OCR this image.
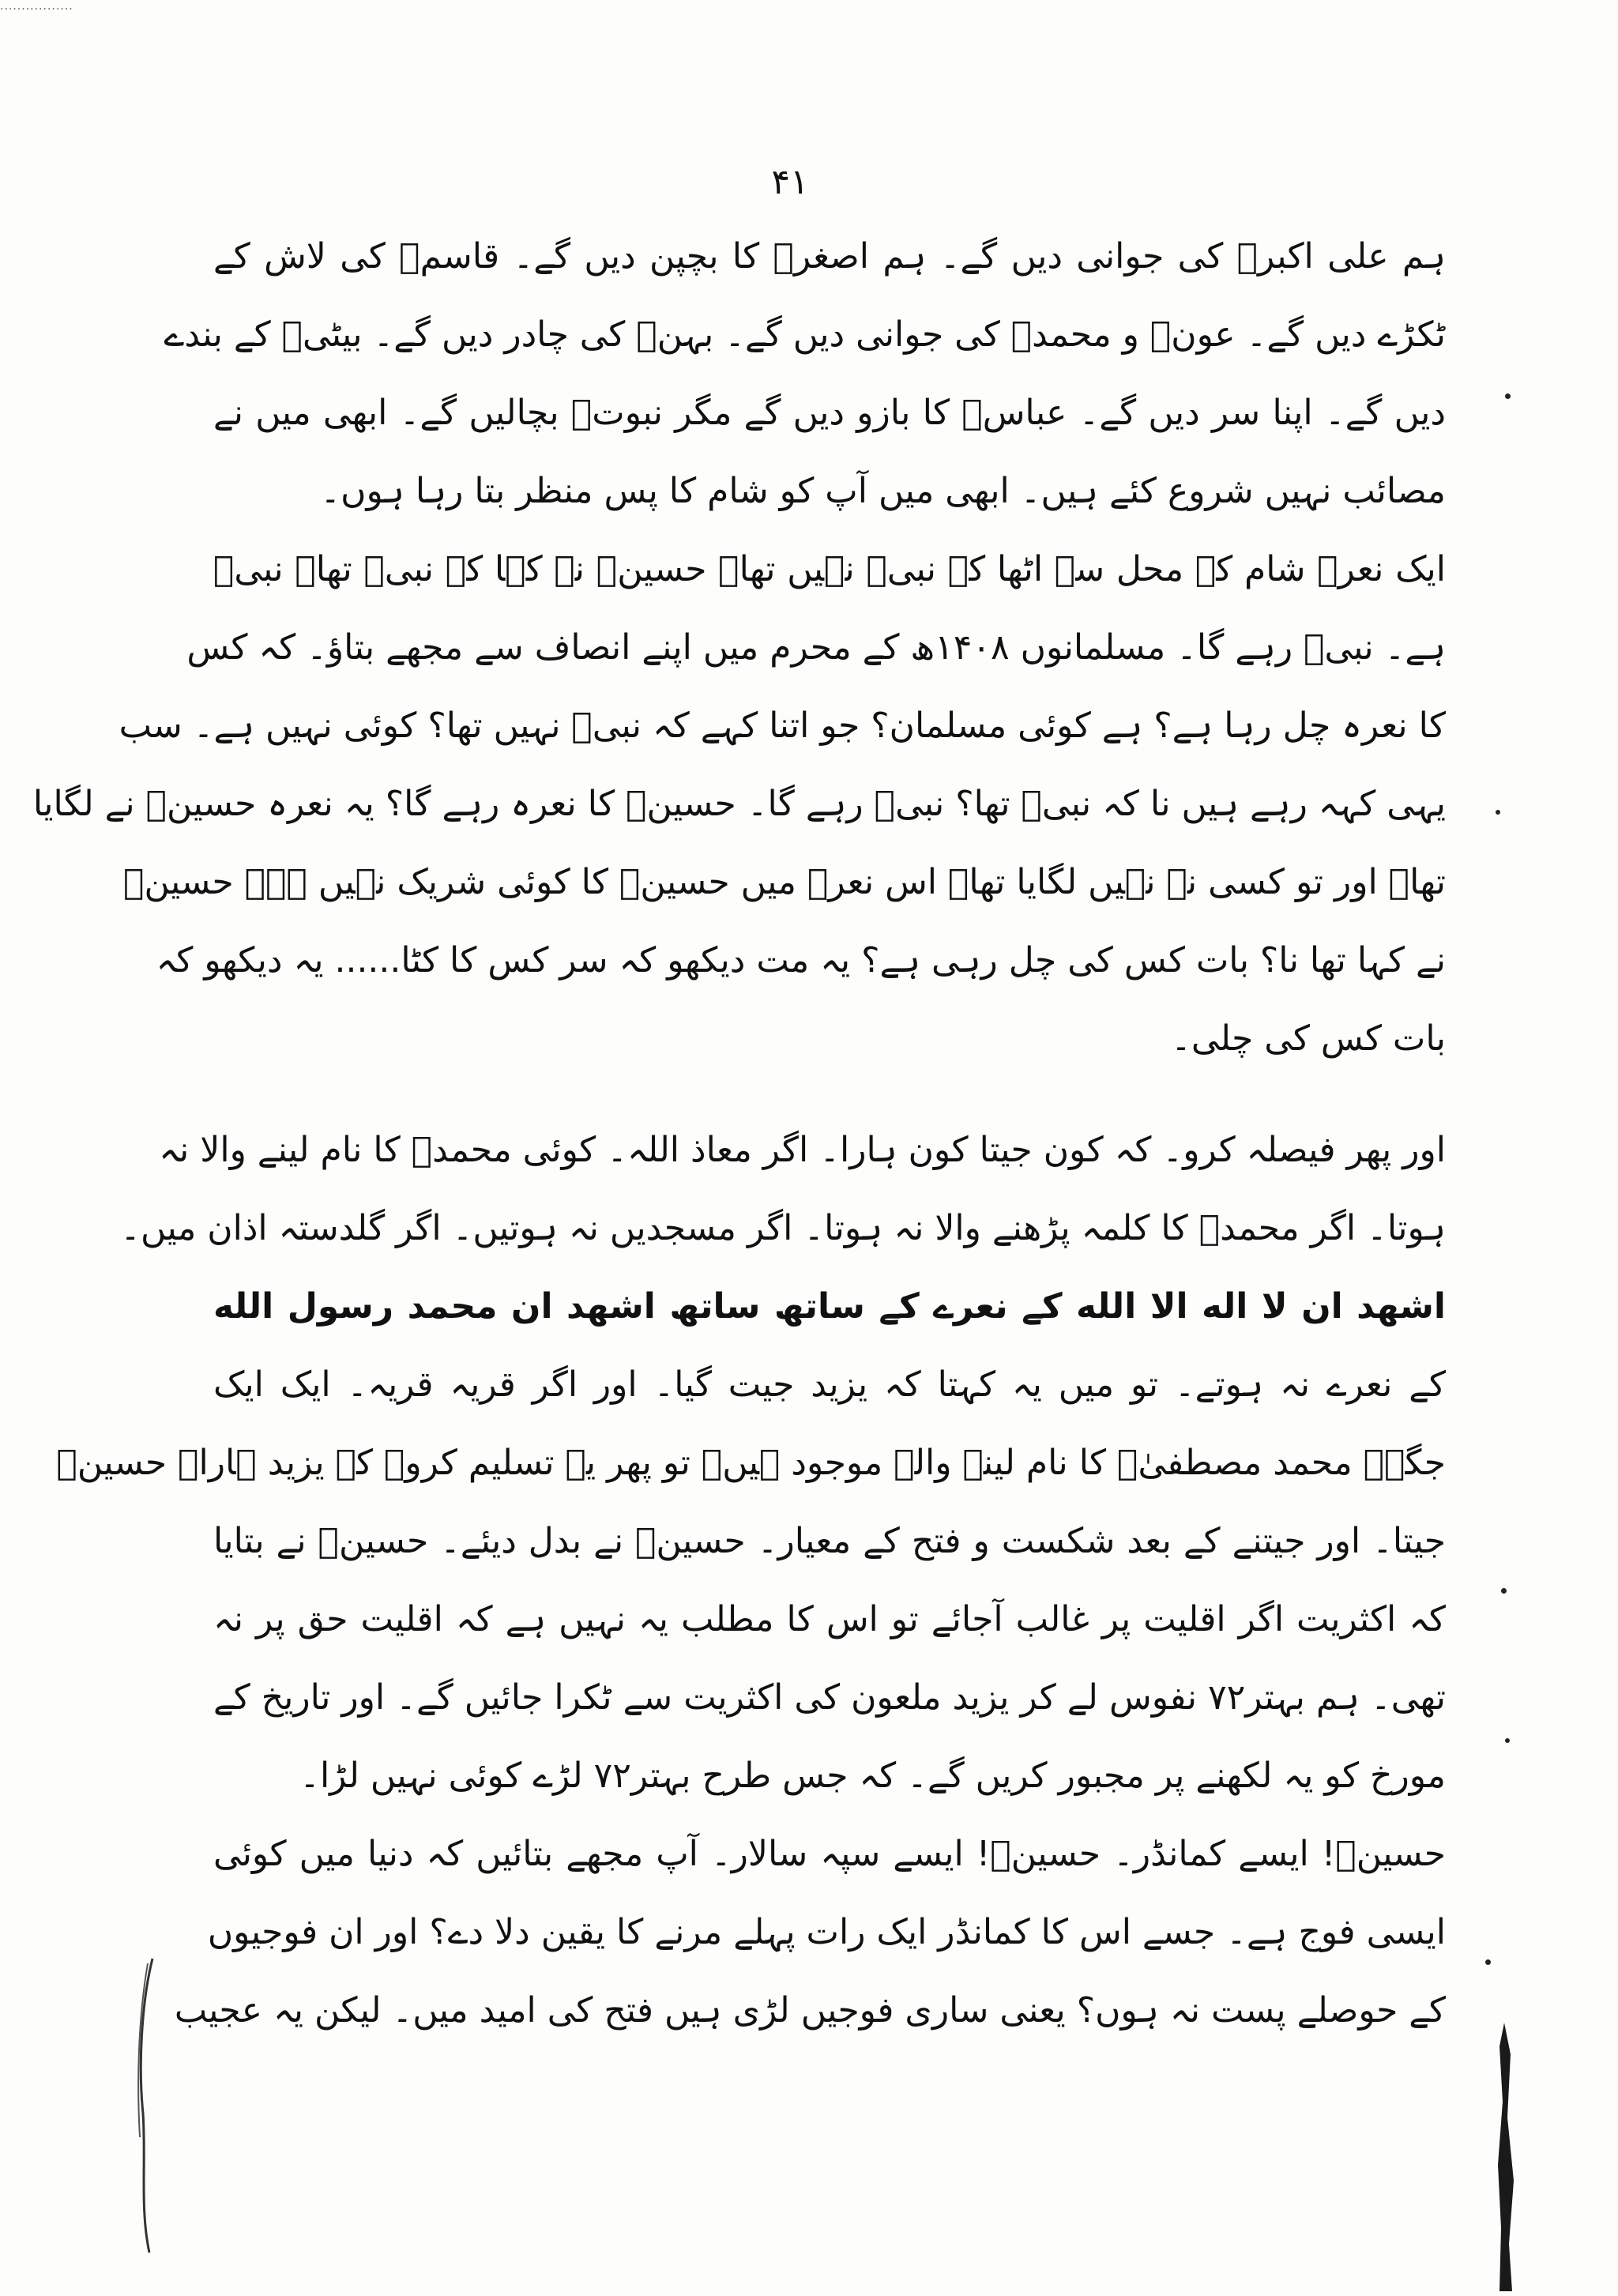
.................
۴۱
ہم علی اکبرؑ کی جوانی دیں گے۔ ہم اصغرؑ کا بچپن دیں گے۔ قاسمؑ کی لاش کے
ٹکڑے دیں گے۔ عونؑ و محمدؑ کی جوانی دیں گے۔ بہنؑ کی چادر دیں گے۔ بیٹیؑ کے بندے
دیں گے۔ اپنا سر دیں گے۔ عباسؑ کا بازو دیں گے مگر نبوتؐ بچالیں گے۔ ابھی میں نے
مصائب نہیں شروع کئے ہیں۔ ابھی میں آپ کو شام کا پس منظر بتا رہا ہوں۔
ایک نعرہ شام کے محل سے اٹھا کہ نبیؐ نہیں تھا۔ حسینؑ نے کہا کہ نبیؐ تھا۔ نبیؐ
ہے۔ نبیؐ رہے گا۔ مسلمانوں ۱۴۰۸ھ کے محرم میں اپنے انصاف سے مجھے بتاؤ۔ کہ کس
کا نعرہ چل رہا ہے؟ ہے کوئی مسلمان؟ جو اتنا کہے کہ نبیؐ نہیں تھا؟ کوئی نہیں ہے۔ سب
یہی کہہ رہے ہیں نا کہ نبیؐ تھا؟ نبیؐ رہے گا۔ حسینؑ کا نعرہ رہے گا؟ یہ نعرہ حسینؑ نے لگایا
تھا۔ اور تو کسی نے نہیں لگایا تھا۔ اس نعرے میں حسینؑ کا کوئی شریک نہیں ہے۔ حسینؑ
نے کہا تھا نا؟ بات کس کی چل رہی ہے؟ یہ مت دیکھو کہ سر کس کا کٹا...... یہ دیکھو کہ
بات کس کی چلی۔
اور پھر فیصلہ کرو۔ کہ کون جیتا کون ہارا۔ اگر معاذ اللہ۔ کوئی محمدؐ کا نام لینے والا نہ
ہوتا۔ اگر محمدؐ کا کلمہ پڑھنے والا نہ ہوتا۔ اگر مسجدیں نہ ہوتیں۔ اگر گلدستہ اذان میں۔
اشهد ان لا اله الا الله کے نعرے کے ساتھ ساتھ اشهد ان محمد رسول الله
کے نعرے نہ ہوتے۔ تو میں یہ کہتا کہ یزید جیت گیا۔ اور اگر قریہ قریہ۔ ایک ایک
جگہ۔ محمد مصطفیٰؐ کا نام لینے والے موجود ہیں۔ تو پھر یہ تسلیم کرو۔ کہ یزید ہارا۔ حسینؑ
جیتا۔ اور جیتنے کے بعد شکست و فتح کے معیار۔ حسینؑ نے بدل دیئے۔ حسینؑ نے بتایا
کہ اکثریت اگر اقلیت پر غالب آجائے تو اس کا مطلب یہ نہیں ہے کہ اقلیت حق پر نہ
تھی۔ ہم بہتر۷۲ نفوس لے کر یزید ملعون کی اکثریت سے ٹکرا جائیں گے۔ اور تاریخ کے
مورخ کو یہ لکھنے پر مجبور کریں گے۔ کہ جس طرح بہتر۷۲ لڑے کوئی نہیں لڑا۔
حسینؑ! ایسے کمانڈر۔ حسینؑ! ایسے سپہ سالار۔ آپ مجھے بتائیں کہ دنیا میں کوئی
ایسی فوج ہے۔ جسے اس کا کمانڈر ایک رات پہلے مرنے کا یقین دلا دے؟ اور ان فوجیوں
کے حوصلے پست نہ ہوں؟ یعنی ساری فوجیں لڑی ہیں فتح کی امید میں۔ لیکن یہ عجیب
